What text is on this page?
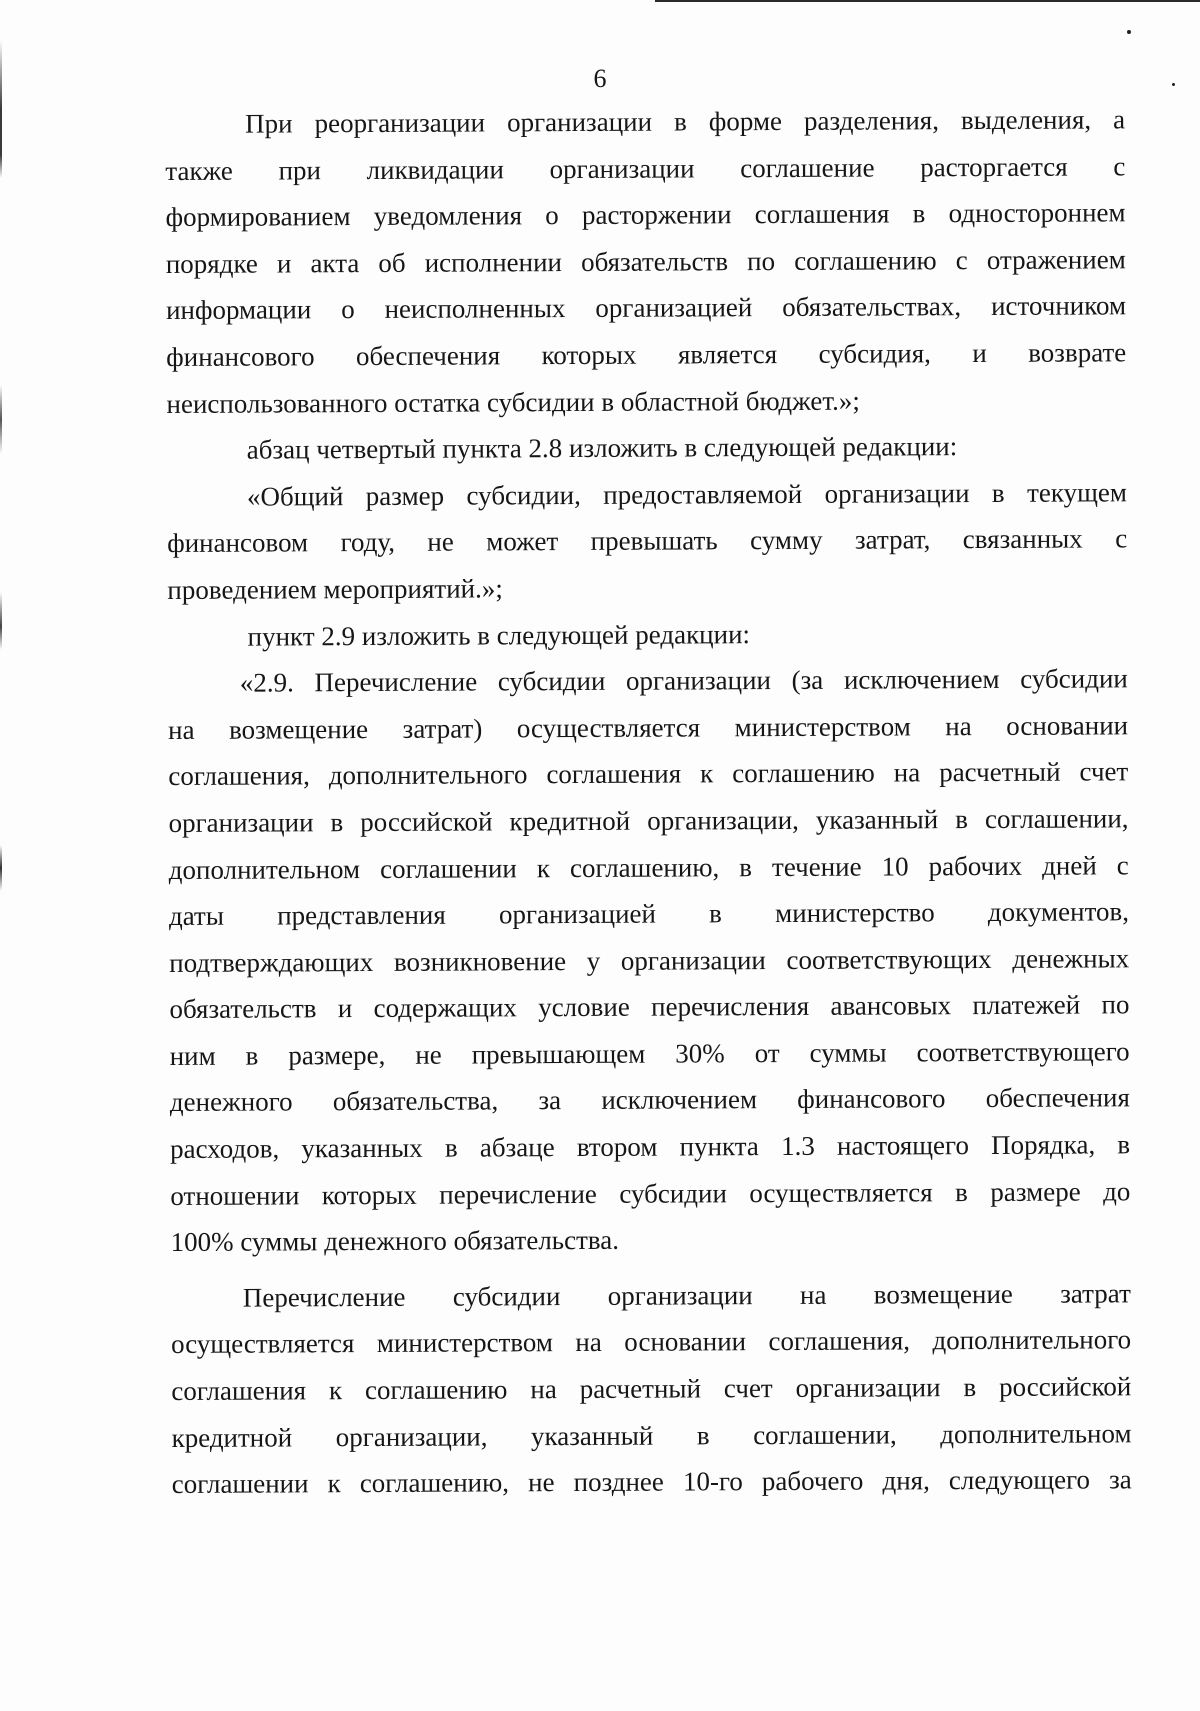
6

При реорганизации организации в форме разделения, выделения, а

также при ликвидации организации соглашение расторгается с

формированием уведомления о расторжении соглашения в одностороннем

порядке и акта об исполнении обязательств по соглашению с отражением

информации о неисполненных организацией обязательствах, источником

финансового обеспечения которых является субсидия, и возврате

неиспользованного остатка субсидии в областной бюджет.»;

абзац четвертый пункта 2.8 изложить в следующей редакции:

«Общий размер субсидии, предоставляемой организации в текущем

финансовом году, не может превышать сумму затрат, связанных с

проведением мероприятий.»;

пункт 2.9 изложить в следующей редакции:

«2.9. Перечисление субсидии организации (за исключением субсидии

на возмещение затрат) осуществляется министерством на основании

соглашения, дополнительного соглашения к соглашению на расчетный счет

организации в российской кредитной организации, указанный в соглашении,

дополнительном соглашении к соглашению, в течение 10 рабочих дней с

даты представления организацией в министерство документов,

подтверждающих возникновение у организации соответствующих денежных

обязательств и содержащих условие перечисления авансовых платежей по

ним в размере, не превышающем 30% от суммы соответствующего

денежного обязательства, за исключением финансового обеспечения

расходов, указанных в абзаце втором пункта 1.3 настоящего Порядка, в

отношении которых перечисление субсидии осуществляется в размере до

100% суммы денежного обязательства.

Перечисление субсидии организации на возмещение затрат

осуществляется министерством на основании соглашения, дополнительного

соглашения к соглашению на расчетный счет организации в российской

кредитной организации, указанный в соглашении, дополнительном

соглашении к соглашению, не позднее 10-го рабочего дня, следующего за
